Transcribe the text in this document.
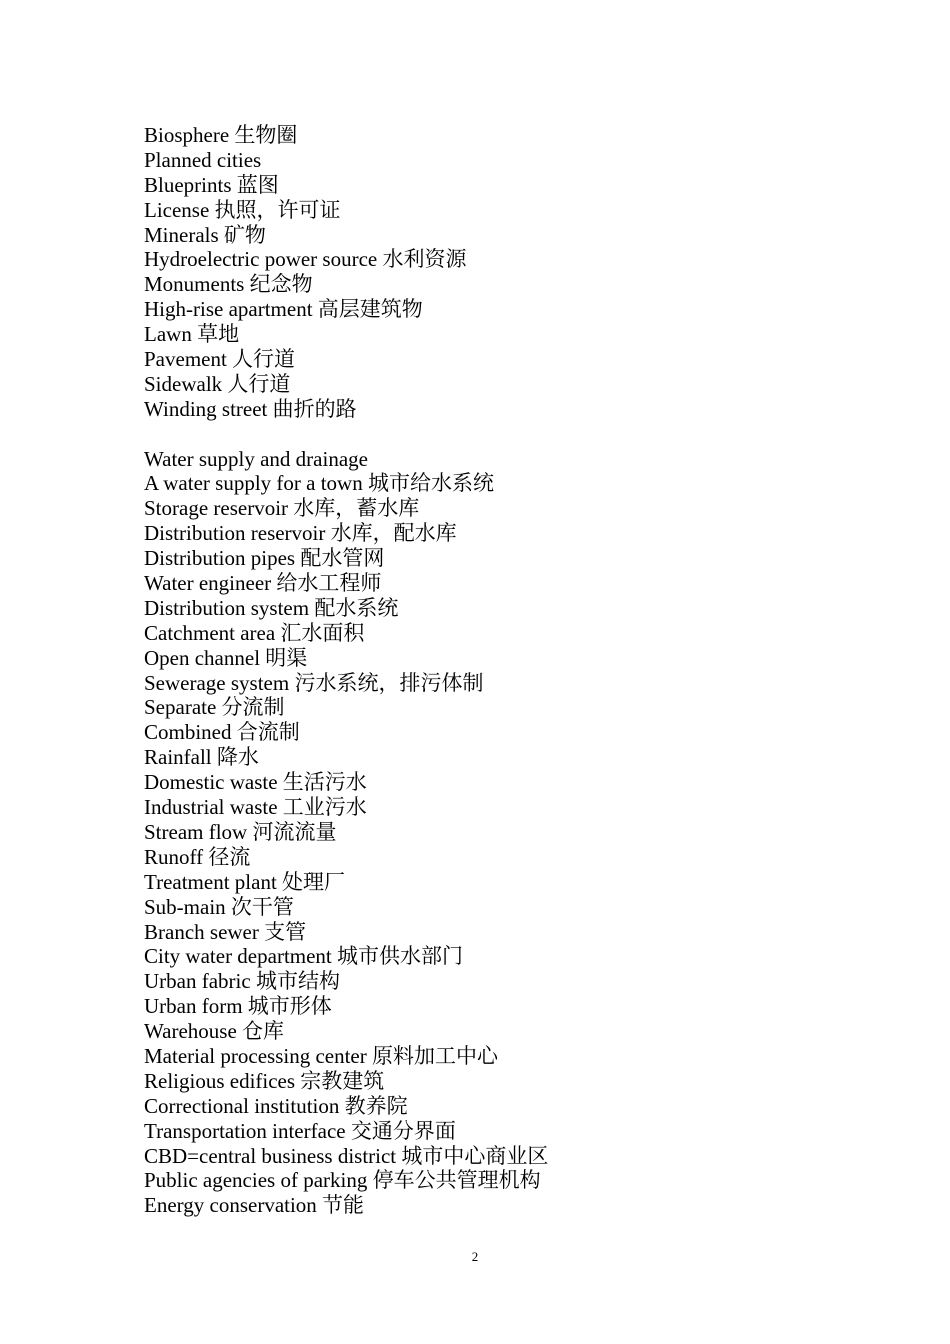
Biosphere 生物圈
Planned cities
Blueprints 蓝图
License 执照，许可证
Minerals 矿物
Hydroelectric power source 水利资源
Monuments 纪念物
High-rise apartment 高层建筑物
Lawn 草地
Pavement 人行道
Sidewalk 人行道
Winding street 曲折的路
Water supply and drainage
A water supply for a town 城市给水系统
Storage reservoir 水库，蓄水库
Distribution reservoir 水库，配水库
Distribution pipes 配水管网
Water engineer 给水工程师
Distribution system 配水系统
Catchment area 汇水面积
Open channel 明渠
Sewerage system 污水系统，排污体制
Separate 分流制
Combined 合流制
Rainfall 降水
Domestic waste 生活污水
Industrial waste 工业污水
Stream flow 河流流量
Runoff 径流
Treatment plant 处理厂
Sub-main 次干管
Branch sewer 支管
City water department 城市供水部门
Urban fabric 城市结构
Urban form 城市形体
Warehouse 仓库
Material processing center 原料加工中心
Religious edifices 宗教建筑
Correctional institution 教养院
Transportation interface 交通分界面
CBD=central business district 城市中心商业区
Public agencies of parking 停车公共管理机构
Energy conservation 节能
2
